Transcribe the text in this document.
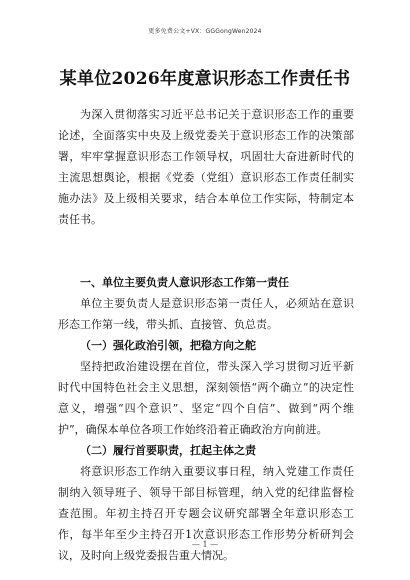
更多免费公文+VX：GGGongWen2024
某单位2026年度意识形态工作责任书
为深入贯彻落实习近平总书记关于意识形态工作的重要论述，全面落实中央及上级党委关于意识形态工作的决策部署，牢牢掌握意识形态工作领导权，巩固壮大奋进新时代的主流思想舆论，根据《党委（党组）意识形态工作责任制实施办法》及上级相关要求，结合本单位工作实际，特制定本责任书。
一、单位主要负责人意识形态工作第一责任
单位主要负责人是意识形态第一责任人，必须站在意识形态工作第一线，带头抓、直接管、负总责。
（一）强化政治引领，把稳方向之舵
坚持把政治建设摆在首位，带头深入学习贯彻习近平新时代中国特色社会主义思想，深刻领悟“两个确立”的决定性意义，增强“四个意识”、坚定“四个自信”、做到“两个维护”，确保本单位各项工作始终沿着正确政治方向前进。
（二）履行首要职责，扛起主体之责
将意识形态工作纳入重要议事日程，纳入党建工作责任制纳入领导班子、领导干部目标管理，纳入党的纪律监督检查范围。年初主持召开专题会议研究部署全年意识形态工作，每半年至少主持召开1次意识形态工作形势分析研判会议，及时向上级党委报告重大情况。
— 1 —
